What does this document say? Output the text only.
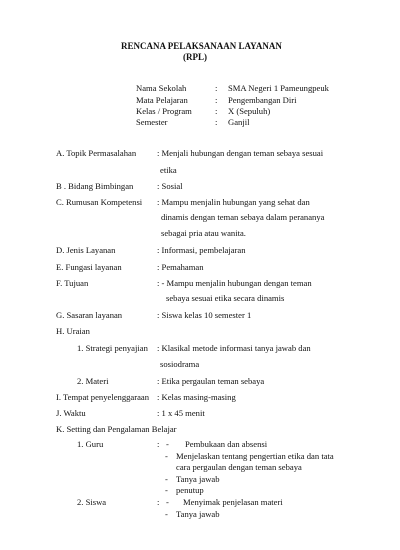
RENCANA PELAKSANAAN LAYANAN
(RPL)
Nama Sekolah	: SMA Negeri 1 Pameungpeuk
Mata Pelajaran	: Pengembangan Diri
Kelas / Program	: X (Sepuluh)
Semester	: Ganjil
A. Topik Permasalahan : Menjali hubungan dengan teman sebaya sesuai
etika
B . Bidang Bimbingan	: Sosial
C. Rumusan Kompetensi : Mampu menjalin hubungan yang sehat dan
dinamis dengan teman sebaya dalam perananya
sebagai pria atau wanita.
D. Jenis Layanan	: Informasi, pembelajaran
E. Fungasi layanan	: Pemahaman
F. Tujuan	: - Mampu menjalin hubungan dengan teman
sebaya sesuai etika secara dinamis
G. Sasaran layanan	: Siswa kelas 10 semester 1
H. Uraian
1. Strategi penyajian : Klasikal metode informasi tanya jawab dan
sosiodrama
2. Materi	: Etika pergaulan teman sebaya
I. Tempat penyelenggaraan : Kelas masing-masing
J. Waktu	: 1 x 45 menit
K. Setting dan Pengalaman Belajar
1. Guru	: - Pembukaan dan absensi
- Menjelaskan tentang pengertian etika dan tata
cara pergaulan dengan teman sebaya
- Tanya jawab
- penutup
2. Siswa	: - Menyimak penjelasan materi
- Tanya jawab
